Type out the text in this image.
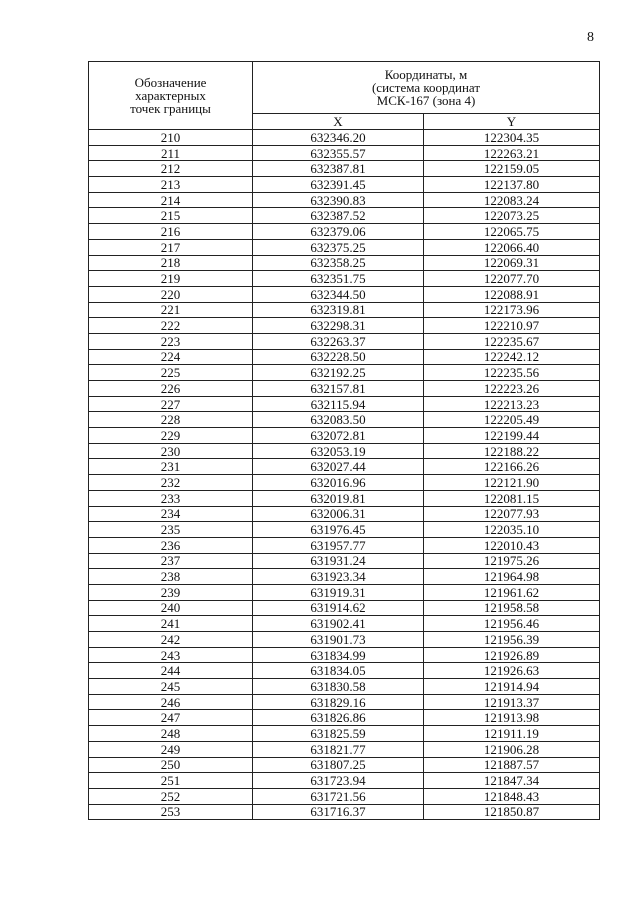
8
Обозначение
характерных
точек границы	Координаты, м
(система координат
МСК-167 (зона 4)	

	X	Y
210	632346.20	122304.35
211	632355.57	122263.21
212	632387.81	122159.05
213	632391.45	122137.80
214	632390.83	122083.24
215	632387.52	122073.25
216	632379.06	122065.75
217	632375.25	122066.40
218	632358.25	122069.31
219	632351.75	122077.70
220	632344.50	122088.91
221	632319.81	122173.96
222	632298.31	122210.97
223	632263.37	122235.67
224	632228.50	122242.12
225	632192.25	122235.56
226	632157.81	122223.26
227	632115.94	122213.23
228	632083.50	122205.49
229	632072.81	122199.44
230	632053.19	122188.22
231	632027.44	122166.26
232	632016.96	122121.90
233	632019.81	122081.15
234	632006.31	122077.93
235	631976.45	122035.10
236	631957.77	122010.43
237	631931.24	121975.26
238	631923.34	121964.98
239	631919.31	121961.62
240	631914.62	121958.58
241	631902.41	121956.46
242	631901.73	121956.39
243	631834.99	121926.89
244	631834.05	121926.63
245	631830.58	121914.94
246	631829.16	121913.37
247	631826.86	121913.98
248	631825.59	121911.19
249	631821.77	121906.28
250	631807.25	121887.57
251	631723.94	121847.34
252	631721.56	121848.43
253	631716.37	121850.87
